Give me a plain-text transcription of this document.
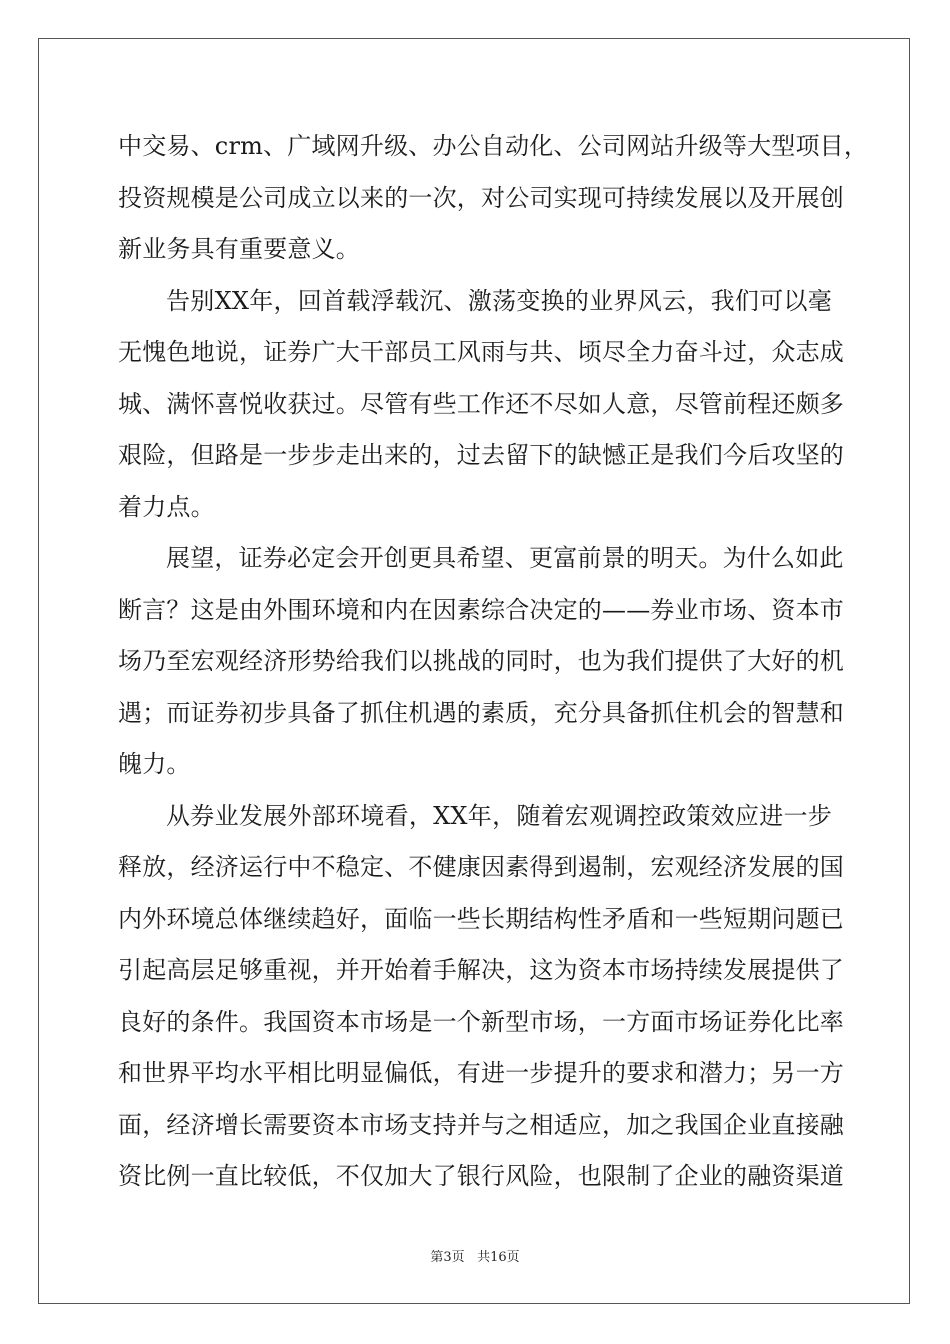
中交易、crm、广域网升级、办公自动化、公司网站升级等大型项目，
投资规模是公司成立以来的一次，对公司实现可持续发展以及开展创
新业务具有重要意义。
告别XX年，回首载浮载沉、激荡变换的业界风云，我们可以毫
无愧色地说，证券广大干部员工风雨与共、顷尽全力奋斗过，众志成
城、满怀喜悦收获过。尽管有些工作还不尽如人意，尽管前程还颇多
艰险，但路是一步步走出来的，过去留下的缺憾正是我们今后攻坚的
着力点。
展望，证券必定会开创更具希望、更富前景的明天。为什么如此
断言？这是由外围环境和内在因素综合决定的——券业市场、资本市
场乃至宏观经济形势给我们以挑战的同时，也为我们提供了大好的机
遇；而证券初步具备了抓住机遇的素质，充分具备抓住机会的智慧和
魄力。
从券业发展外部环境看，XX年，随着宏观调控政策效应进一步
释放，经济运行中不稳定、不健康因素得到遏制，宏观经济发展的国
内外环境总体继续趋好，面临一些长期结构性矛盾和一些短期问题已
引起高层足够重视，并开始着手解决，这为资本市场持续发展提供了
良好的条件。我国资本市场是一个新型市场，一方面市场证券化比率
和世界平均水平相比明显偏低，有进一步提升的要求和潜力；另一方
面，经济增长需要资本市场支持并与之相适应，加之我国企业直接融
资比例一直比较低，不仅加大了银行风险，也限制了企业的融资渠道
第3页 共16页
